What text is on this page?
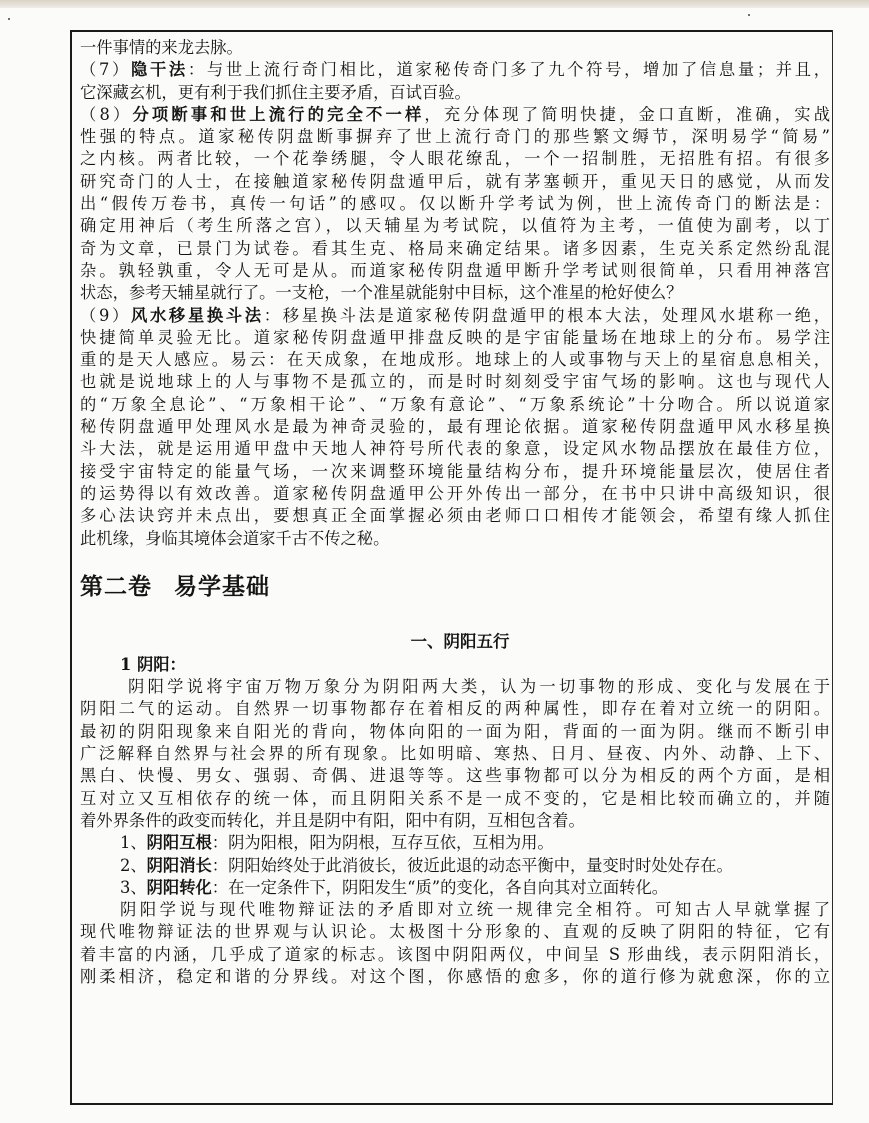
一件事情的来龙去脉。
（7）隐干法：与世上流行奇门相比，道家秘传奇门多了九个符号，增加了信息量；并且，
它深藏玄机，更有利于我们抓住主要矛盾，百试百验。
（8）分项断事和世上流行的完全不一样，充分体现了简明快捷，金口直断，准确，实战
性强的特点。道家秘传阴盘断事摒弃了世上流行奇门的那些繁文缛节，深明易学“简易”
之内核。两者比较，一个花拳绣腿，令人眼花缭乱，一个一招制胜，无招胜有招。有很多
研究奇门的人士，在接触道家秘传阴盘遁甲后，就有茅塞顿开，重见天日的感觉，从而发
出“假传万卷书，真传一句话”的感叹。仅以断升学考试为例，世上流传奇门的断法是：
确定用神后（考生所落之宫），以天辅星为考试院，以值符为主考，一值使为副考，以丁
奇为文章，已景门为试卷。看其生克、格局来确定结果。诸多因素，生克关系定然纷乱混
杂。孰轻孰重，令人无可是从。而道家秘传阴盘遁甲断升学考试则很简单，只看用神落宫
状态，参考天辅星就行了。一支枪，一个准星就能射中目标，这个准星的枪好使么？
（9）风水移星换斗法：移星换斗法是道家秘传阴盘遁甲的根本大法，处理风水堪称一绝，
快捷简单灵验无比。道家秘传阴盘遁甲排盘反映的是宇宙能量场在地球上的分布。易学注
重的是天人感应。易云：在天成象，在地成形。地球上的人或事物与天上的星宿息息相关，
也就是说地球上的人与事物不是孤立的，而是时时刻刻受宇宙气场的影响。这也与现代人
的“万象全息论”、“万象相干论”、“万象有意论”、“万象系统论”十分吻合。所以说道家
秘传阴盘遁甲处理风水是最为神奇灵验的，最有理论依据。道家秘传阴盘遁甲风水移星换
斗大法，就是运用遁甲盘中天地人神符号所代表的象意，设定风水物品摆放在最佳方位，
接受宇宙特定的能量气场，一次来调整环境能量结构分布，提升环境能量层次，使居住者
的运势得以有效改善。道家秘传阴盘遁甲公开外传出一部分，在书中只讲中高级知识，很
多心法诀窍并未点出，要想真正全面掌握必须由老师口口相传才能领会，希望有缘人抓住
此机缘，身临其境体会道家千古不传之秘。
第二卷 易学基础
一、阴阳五行
1 阴阳：
阴阳学说将宇宙万物万象分为阴阳两大类，认为一切事物的形成、变化与发展在于
阴阳二气的运动。自然界一切事物都存在着相反的两种属性，即存在着对立统一的阴阳。
最初的阴阳现象来自阳光的背向，物体向阳的一面为阳，背面的一面为阴。继而不断引申
广泛解释自然界与社会界的所有现象。比如明暗、寒热、日月、昼夜、内外、动静、上下、
黑白、快慢、男女、强弱、奇偶、进退等等。这些事物都可以分为相反的两个方面，是相
互对立又互相依存的统一体，而且阴阳关系不是一成不变的，它是相比较而确立的，并随
着外界条件的政变而转化，并且是阴中有阳，阳中有阴，互相包含着。
1、阴阳互根：阴为阳根，阳为阴根，互存互依，互相为用。
2、阴阳消长：阴阳始终处于此消彼长，彼近此退的动态平衡中，量变时时处处存在。
3、阴阳转化：在一定条件下，阴阳发生“质”的变化，各自向其对立面转化。
阴阳学说与现代唯物辩证法的矛盾即对立统一规律完全相符。可知古人早就掌握了
现代唯物辩证法的世界观与认识论。太极图十分形象的、直观的反映了阴阳的特征，它有
着丰富的内涵，几乎成了道家的标志。该图中阴阳两仪，中间呈 S 形曲线，表示阴阳消长，
刚柔相济，稳定和谐的分界线。对这个图，你感悟的愈多，你的道行修为就愈深，你的立
